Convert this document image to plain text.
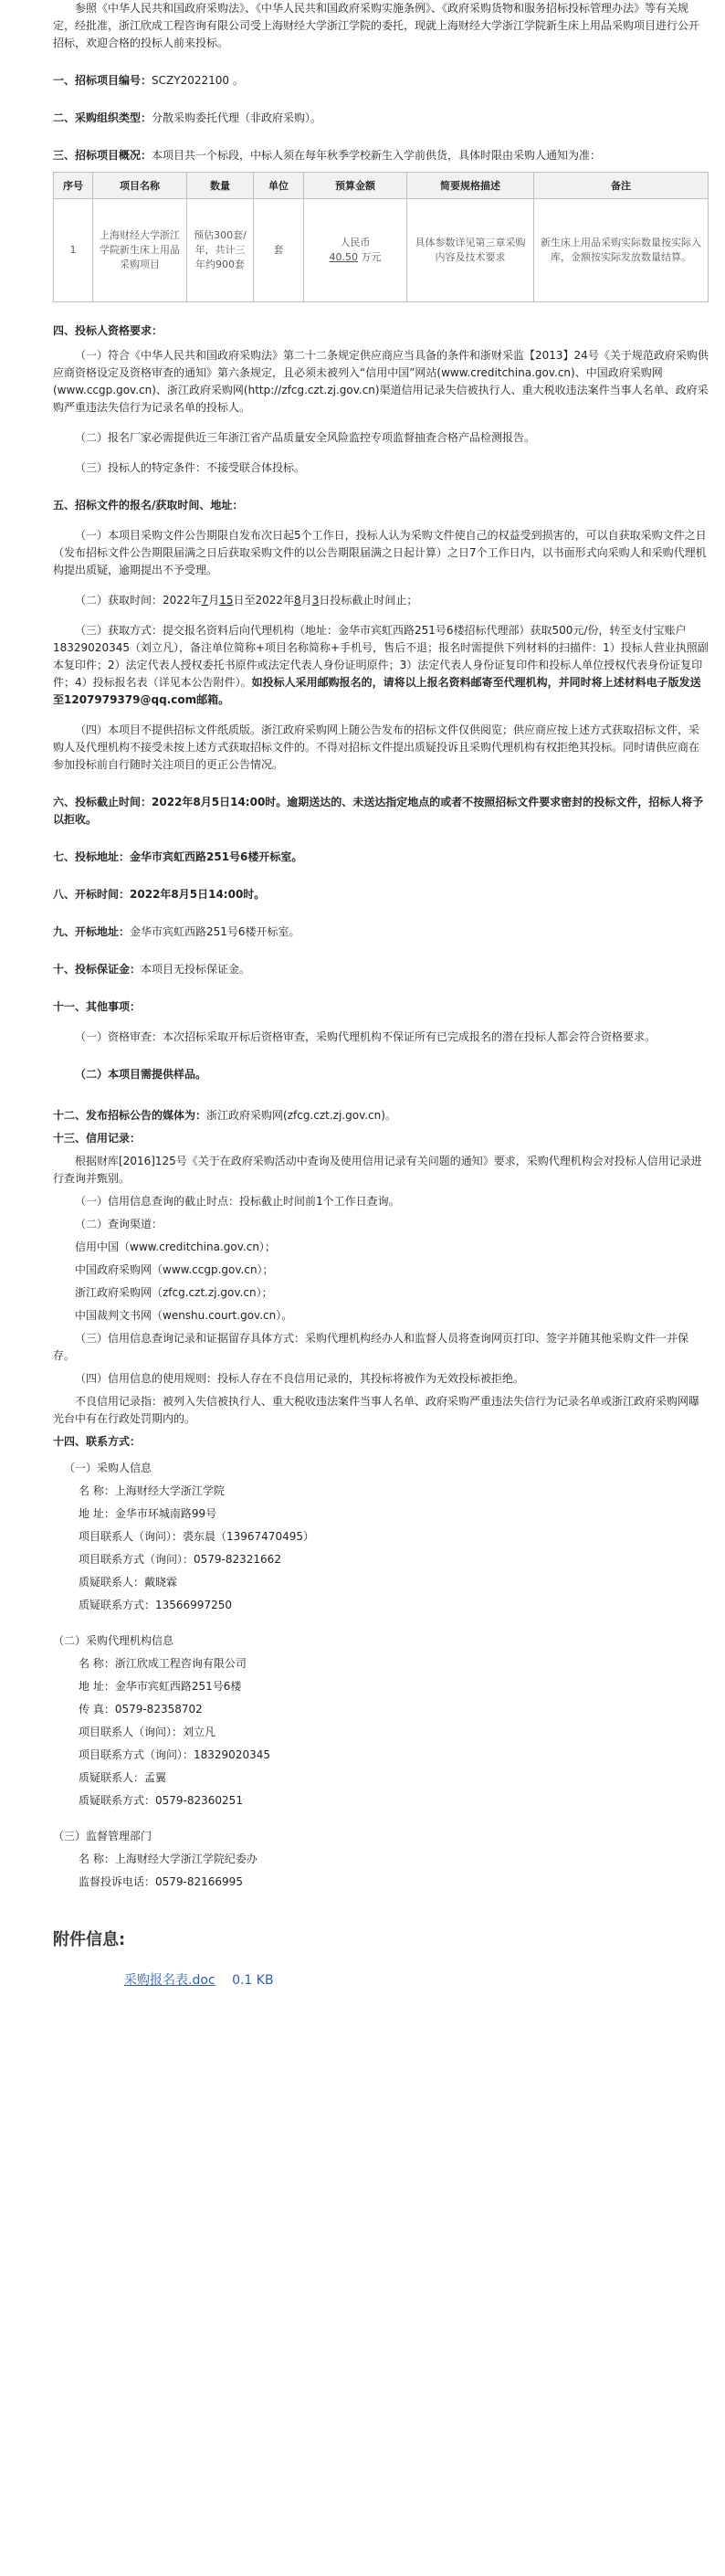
参照《中华人民共和国政府采购法》、《中华人民共和国政府采购实施条例》、《政府采购货物和服务招标投标管理办法》等有关规定，经批准，浙江欣成工程咨询有限公司受上海财经大学浙江学院的委托，现就上海财经大学浙江学院新生床上用品采购项目进行公开招标，欢迎合格的投标人前来投标。

一、招标项目编号：SCZY2022100 。

二、采购组织类型：分散采购委托代理（非政府采购）。

三、招标项目概况：本项目共一个标段，中标人须在每年秋季学校新生入学前供货，具体时限由采购人通知为准：

序号	项目名称	数量	单位	预算金额	简要规格描述	备注
1	上海财经大学浙江学院新生床上用品采购项目	预估300套/年，共计三年约900套	套	人民币
40.50 万元	具体参数详见第三章采购内容及技术要求	新生床上用品采购实际数量按实际入库，金额按实际发放数量结算。

四、投标人资格要求：

（一）符合《中华人民共和国政府采购法》第二十二条规定供应商应当具备的条件和浙财采监【2013】24号《关于规范政府采购供应商资格设定及资格审查的通知》第六条规定，且必须未被列入“信用中国”网站(www.creditchina.gov.cn)、中国政府采购网(www.ccgp.gov.cn)、浙江政府采购网(http://zfcg.czt.zj.gov.cn)渠道信用记录失信被执行人、重大税收违法案件当事人名单、政府采购严重违法失信行为记录名单的投标人。

（二）报名厂家必需提供近三年浙江省产品质量安全风险监控专项监督抽查合格产品检测报告。

（三）投标人的特定条件：不接受联合体投标。

五、招标文件的报名/获取时间、地址：

（一）本项目采购文件公告期限自发布次日起5个工作日，投标人认为采购文件使自己的权益受到损害的，可以自获取采购文件之日（发布招标文件公告期限届满之日后获取采购文件的以公告期限届满之日起计算）之日7个工作日内，以书面形式向采购人和采购代理机构提出质疑，逾期提出不予受理。

（二）获取时间：2022年7月15日至2022年8月3日投标截止时间止；

（三）获取方式：提交报名资料后向代理机构（地址：金华市宾虹西路251号6楼招标代理部）获取500元/份，转至支付宝账户18329020345（刘立凡），备注单位简称+项目名称简称+手机号，售后不退；报名时需提供下列材料的扫描件：1）投标人营业执照副本复印件；2）法定代表人授权委托书原件或法定代表人身份证明原件；3）法定代表人身份证复印件和投标人单位授权代表身份证复印件；4）投标报名表（详见本公告附件）。如投标人采用邮购报名的，请将以上报名资料邮寄至代理机构，并同时将上述材料电子版发送至1207979379@qq.com邮箱。

（四）本项目不提供招标文件纸质版。浙江政府采购网上随公告发布的招标文件仅供阅览；供应商应按上述方式获取招标文件，采购人及代理机构不接受未按上述方式获取招标文件的。不得对招标文件提出质疑投诉且采购代理机构有权拒绝其投标。同时请供应商在参加投标前自行随时关注项目的更正公告情况。

六、投标截止时间：2022年8月5日14:00时。逾期送达的、未送达指定地点的或者不按照招标文件要求密封的投标文件，招标人将予以拒收。

七、投标地址：金华市宾虹西路251号6楼开标室。

八、开标时间：2022年8月5日14:00时。

九、开标地址：金华市宾虹西路251号6楼开标室。

十、投标保证金：本项目无投标保证金。

十一、其他事项：

（一）资格审查：本次招标采取开标后资格审查，采购代理机构不保证所有已完成报名的潜在投标人都会符合资格要求。

（二）本项目需提供样品。

十二、发布招标公告的媒体为：浙江政府采购网(zfcg.czt.zj.gov.cn)。

十三、信用记录：

根据财库[2016]125号《关于在政府采购活动中查询及使用信用记录有关问题的通知》要求，采购代理机构会对投标人信用记录进行查询并甄别。

（一）信用信息查询的截止时点：投标截止时间前1个工作日查询。

（二）查询渠道：

信用中国（www.creditchina.gov.cn）；

中国政府采购网（www.ccgp.gov.cn）；

浙江政府采购网（zfcg.czt.zj.gov.cn）；

中国裁判文书网（wenshu.court.gov.cn）。

（三）信用信息查询记录和证据留存具体方式：采购代理机构经办人和监督人员将查询网页打印、签字并随其他采购文件一并保存。

（四）信用信息的使用规则：投标人存在不良信用记录的，其投标将被作为无效投标被拒绝。

不良信用记录指：被列入失信被执行人、重大税收违法案件当事人名单、政府采购严重违法失信行为记录名单或浙江政府采购网曝光台中有在行政处罚期内的。

十四、联系方式：

（一）采购人信息

名 称：上海财经大学浙江学院

地 址：金华市环城南路99号

项目联系人（询问）：裘东晨（13967470495）

项目联系方式（询问）：0579-82321662

质疑联系人：戴晓霖

质疑联系方式：13566997250

（二）采购代理机构信息

名 称：浙江欣成工程咨询有限公司

地 址：金华市宾虹西路251号6楼

传 真：0579-82358702

项目联系人（询问）：刘立凡

项目联系方式（询问）：18329020345

质疑联系人：孟翼

质疑联系方式：0579-82360251

（三）监督管理部门

名 称：上海财经大学浙江学院纪委办

监督投诉电话：0579-82166995

附件信息:

采购报名表.doc 0.1 KB
